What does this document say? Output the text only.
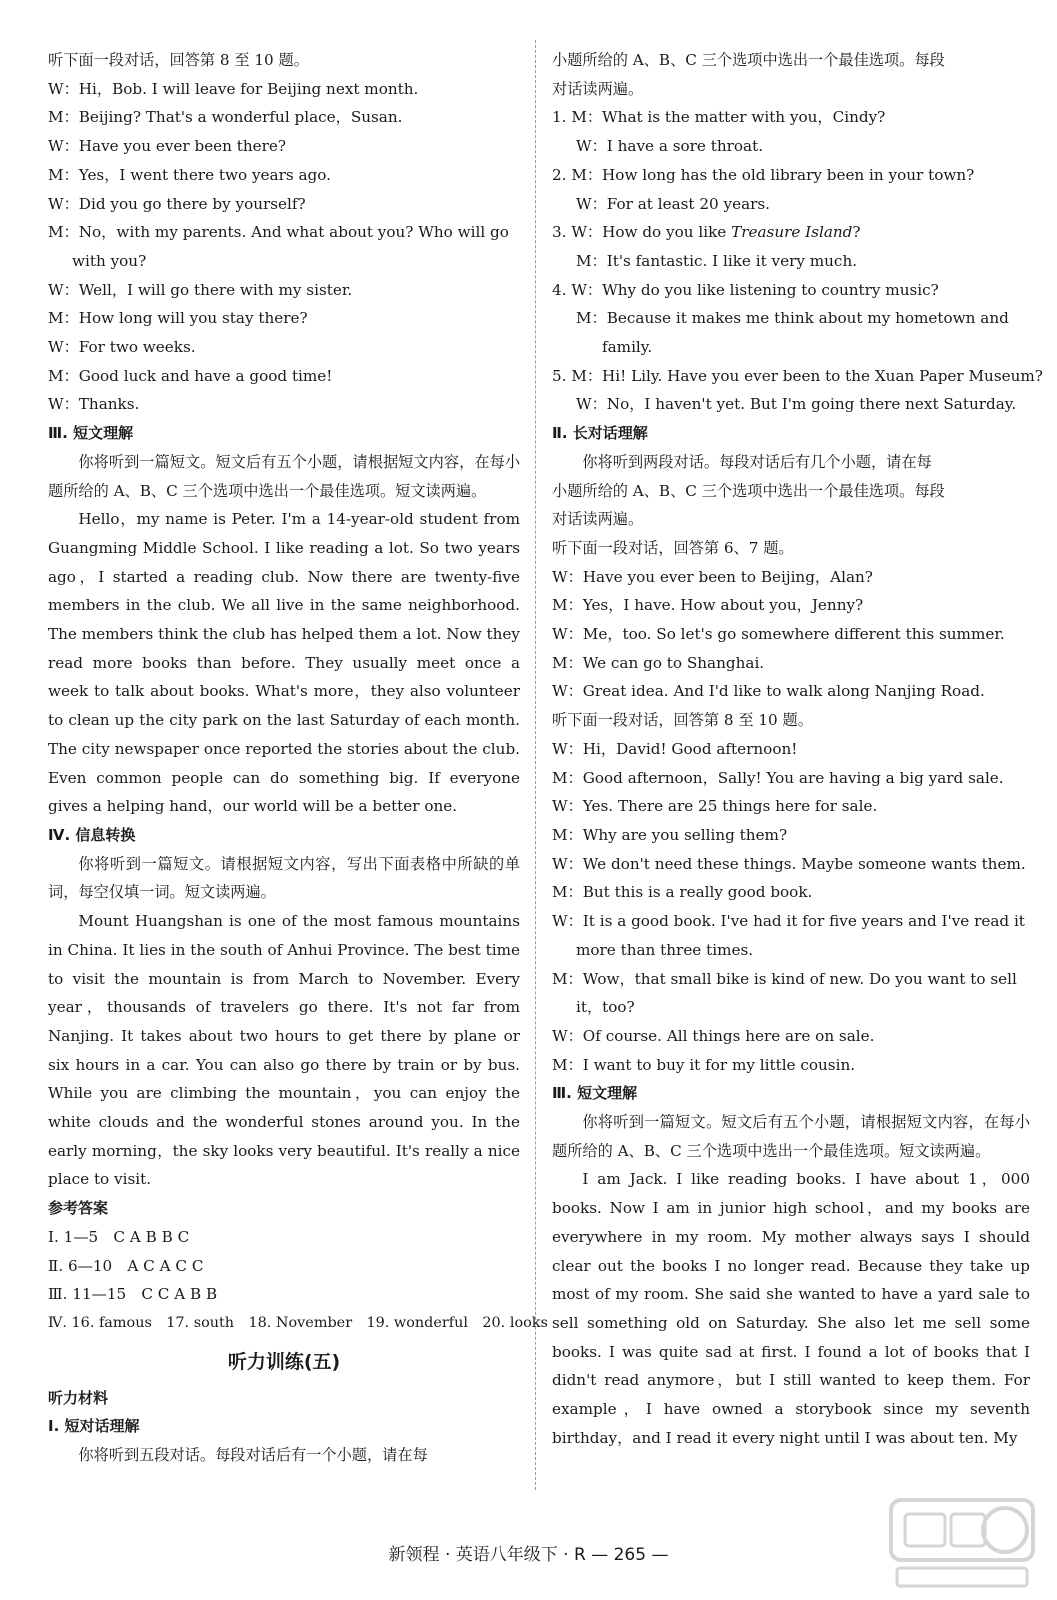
听下面一段对话，回答第 8 至 10 题。

W：Hi，Bob. I will leave for Beijing next month.

M：Beijing? That's a wonderful place，Susan.

W：Have you ever been there?

M：Yes，I went there two years ago.

W：Did you go there by yourself?

M：No，with my parents. And what about you? Who will go

with you?

W：Well，I will go there with my sister.

M：How long will you stay there?

W：For two weeks.

M：Good luck and have a good time!

W：Thanks.

Ⅲ. 短文理解

你将听到一篇短文。短文后有五个小题，请根据短文内容，在每小题所给的 A、B、C 三个选项中选出一个最佳选项。短文读两遍。

Hello，my name is Peter. I'm a 14-year-old student from Guangming Middle School. I like reading a lot. So two years ago，I started a reading club. Now there are twenty-five members in the club. We all live in the same neighborhood. The members think the club has helped them a lot. Now they read more books than before. They usually meet once a week to talk about books. What's more，they also volunteer to clean up the city park on the last Saturday of each month. The city newspaper once reported the stories about the club. Even common people can do something big. If everyone gives a helping hand，our world will be a better one.

Ⅳ. 信息转换

你将听到一篇短文。请根据短文内容，写出下面表格中所缺的单词，每空仅填一词。短文读两遍。

Mount Huangshan is one of the most famous mountains in China. It lies in the south of Anhui Province. The best time to visit the mountain is from March to November. Every year，thousands of travelers go there. It's not far from Nanjing. It takes about two hours to get there by plane or six hours in a car. You can also go there by train or by bus. While you are climbing the mountain，you can enjoy the white clouds and the wonderful stones around you. In the early morning，the sky looks very beautiful. It's really a nice place to visit.

参考答案

Ⅰ. 1—5　C A B B C

Ⅱ. 6—10　A C A C C

Ⅲ. 11—15　C C A B B

Ⅳ. 16. famous　17. south　18. November　19. wonderful　20. looks

听力训练(五)

听力材料

Ⅰ. 短对话理解

你将听到五段对话。每段对话后有一个小题，请在每

小题所给的 A、B、C 三个选项中选出一个最佳选项。每段

对话读两遍。

1. M：What is the matter with you，Cindy?

W：I have a sore throat.

2. M：How long has the old library been in your town?

W：For at least 20 years.

3. W：How do you like Treasure Island?

M：It's fantastic. I like it very much.

4. W：Why do you like listening to country music?

M：Because it makes me think about my hometown and

family.

5. M：Hi! Lily. Have you ever been to the Xuan Paper Museum?

W：No，I haven't yet. But I'm going there next Saturday.

Ⅱ. 长对话理解

你将听到两段对话。每段对话后有几个小题，请在每

小题所给的 A、B、C 三个选项中选出一个最佳选项。每段

对话读两遍。

听下面一段对话，回答第 6、7 题。

W：Have you ever been to Beijing，Alan?

M：Yes，I have. How about you，Jenny?

W：Me，too. So let's go somewhere different this summer.

M：We can go to Shanghai.

W：Great idea. And I'd like to walk along Nanjing Road.

听下面一段对话，回答第 8 至 10 题。

W：Hi，David! Good afternoon!

M：Good afternoon，Sally! You are having a big yard sale.

W：Yes. There are 25 things here for sale.

M：Why are you selling them?

W：We don't need these things. Maybe someone wants them.

M：But this is a really good book.

W：It is a good book. I've had it for five years and I've read it

more than three times.

M：Wow，that small bike is kind of new. Do you want to sell

it，too?

W：Of course. All things here are on sale.

M：I want to buy it for my little cousin.

Ⅲ. 短文理解

你将听到一篇短文。短文后有五个小题，请根据短文内容，在每小题所给的 A、B、C 三个选项中选出一个最佳选项。短文读两遍。

I am Jack. I like reading books. I have about 1，000 books. Now I am in junior high school，and my books are everywhere in my room. My mother always says I should clear out the books I no longer read. Because they take up most of my room. She said she wanted to have a yard sale to sell something old on Saturday. She also let me sell some books. I was quite sad at first. I found a lot of books that I didn't read anymore，but I still wanted to keep them. For example，I have owned a storybook since my seventh birthday，and I read it every night until I was about ten. My

新领程 · 英语八年级下 · R — 265 —
